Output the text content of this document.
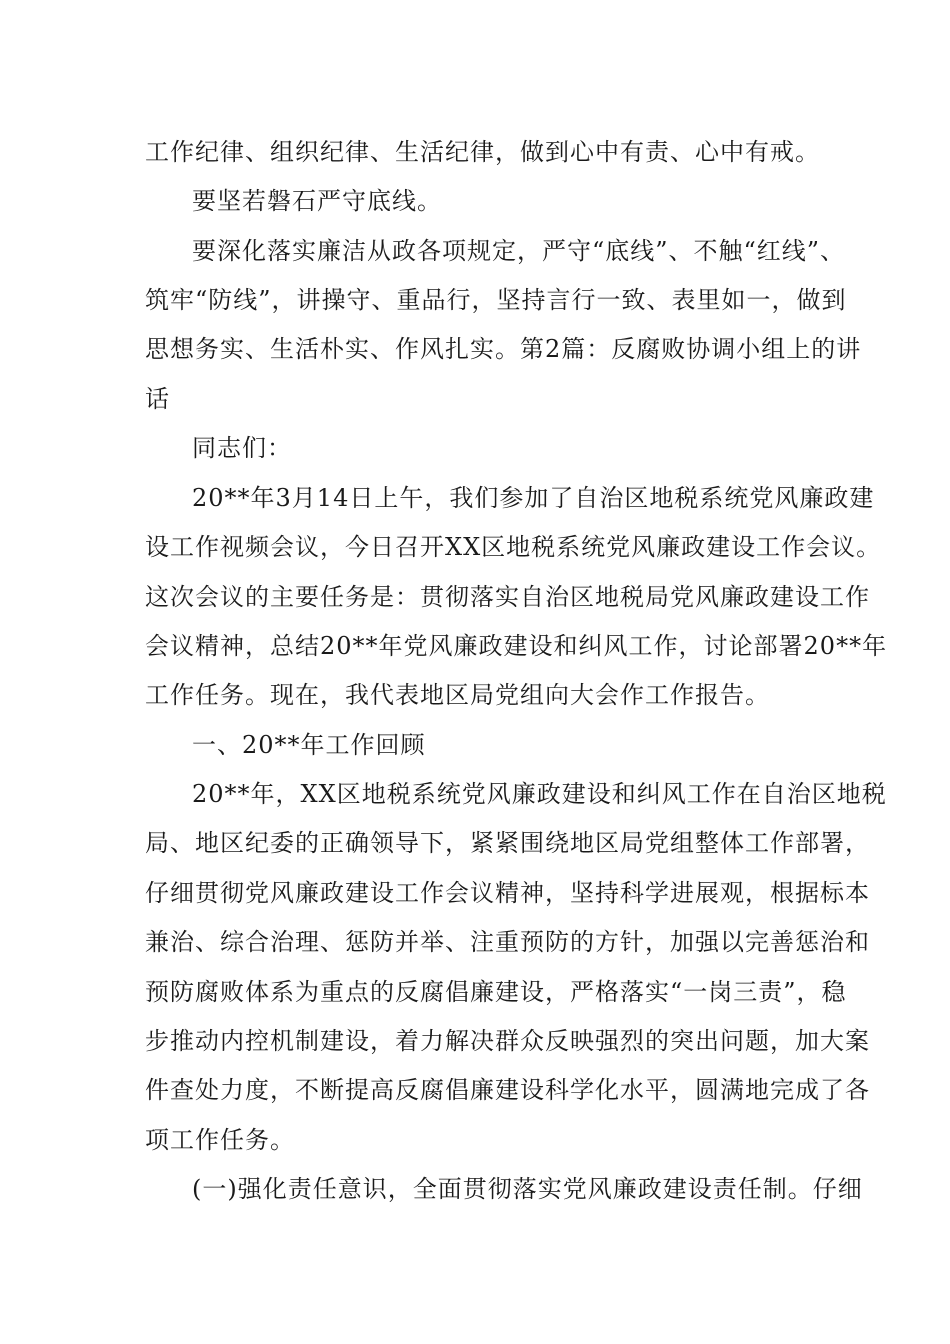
工作纪律、组织纪律、生活纪律，做到心中有责、心中有戒。
要坚若磐石严守底线。
要深化落实廉洁从政各项规定，严守“底线”、不触“红线”、
筑牢“防线”，讲操守、重品行，坚持言行一致、表里如一，做到
思想务实、生活朴实、作风扎实。第2篇：反腐败协调小组上的讲
话
同志们：
20**年3月14日上午，我们参加了自治区地税系统党风廉政建
设工作视频会议，今日召开XX区地税系统党风廉政建设工作会议。
这次会议的主要任务是：贯彻落实自治区地税局党风廉政建设工作
会议精神，总结20**年党风廉政建设和纠风工作，讨论部署20**年
工作任务。现在，我代表地区局党组向大会作工作报告。
一、20**年工作回顾
20**年，XX区地税系统党风廉政建设和纠风工作在自治区地税
局、地区纪委的正确领导下，紧紧围绕地区局党组整体工作部署，
仔细贯彻党风廉政建设工作会议精神，坚持科学进展观，根据标本
兼治、综合治理、惩防并举、注重预防的方针，加强以完善惩治和
预防腐败体系为重点的反腐倡廉建设，严格落实“一岗三责”，稳
步推动内控机制建设，着力解决群众反映强烈的突出问题，加大案
件查处力度，不断提高反腐倡廉建设科学化水平，圆满地完成了各
项工作任务。
(一)强化责任意识，全面贯彻落实党风廉政建设责任制。仔细
